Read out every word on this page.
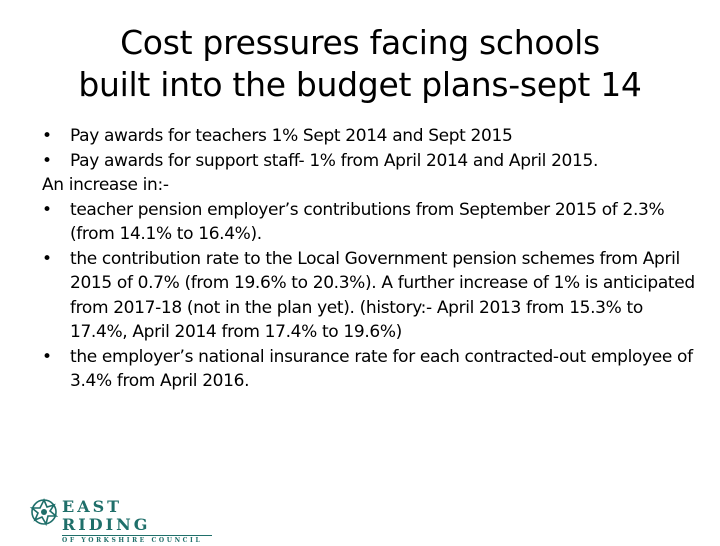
Cost pressures facing schools
built into the budget plans-sept 14
•	Pay awards for teachers 1% Sept 2014 and Sept 2015
•	Pay awards for support staff- 1% from April 2014 and April 2015.
An increase in:-
•	teacher pension employer’s contributions from September 2015 of 2.3% (from 14.1% to 16.4%).
•	the contribution rate to the Local Government pension schemes from April 2015 of 0.7% (from 19.6% to 20.3%). A further increase of 1% is anticipated from 2017-18 (not in the plan yet). (history:- April 2013 from 15.3% to 17.4%, April 2014 from 17.4% to 19.6%)
•	the employer’s national insurance rate for each contracted-out employee of 3.4% from April 2016.
EAST RIDING
OF YORKSHIRE COUNCIL
